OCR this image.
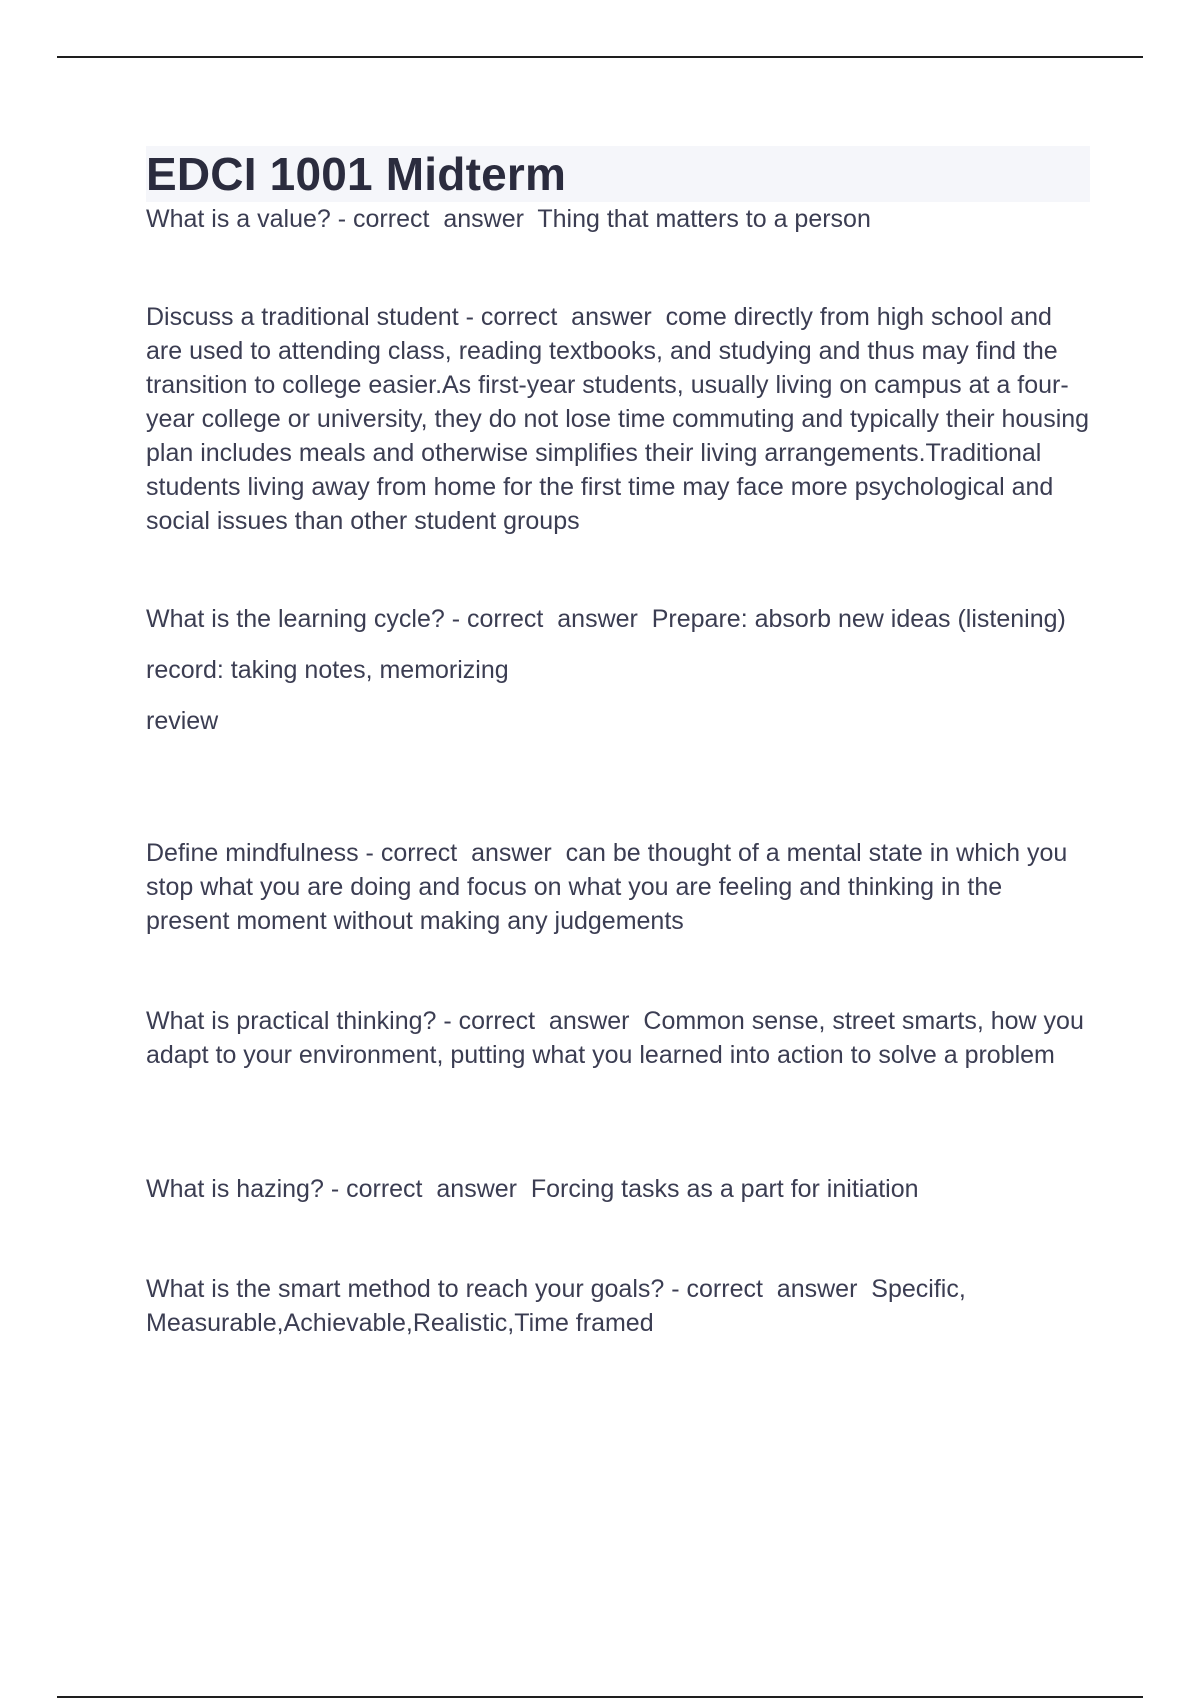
EDCI 1001 Midterm

What is a value? - correct  answer  Thing that matters to a person

Discuss a traditional student - correct  answer  come directly from high school and are used to attending class, reading textbooks, and studying and thus may find the transition to college easier.As first-year students, usually living on campus at a four-year college or university, they do not lose time commuting and typically their housing plan includes meals and otherwise simplifies their living arrangements.Traditional students living away from home for the first time may face more psychological and social issues than other student groups

What is the learning cycle? - correct  answer  Prepare: absorb new ideas (listening)

record: taking notes, memorizing

review

Define mindfulness - correct  answer  can be thought of a mental state in which you stop what you are doing and focus on what you are feeling and thinking in the present moment without making any judgements

What is practical thinking? - correct  answer  Common sense, street smarts, how you adapt to your environment, putting what you learned into action to solve a problem

What is hazing? - correct  answer  Forcing tasks as a part for initiation

What is the smart method to reach your goals? - correct  answer  Specific, Measurable,Achievable,Realistic,Time framed
